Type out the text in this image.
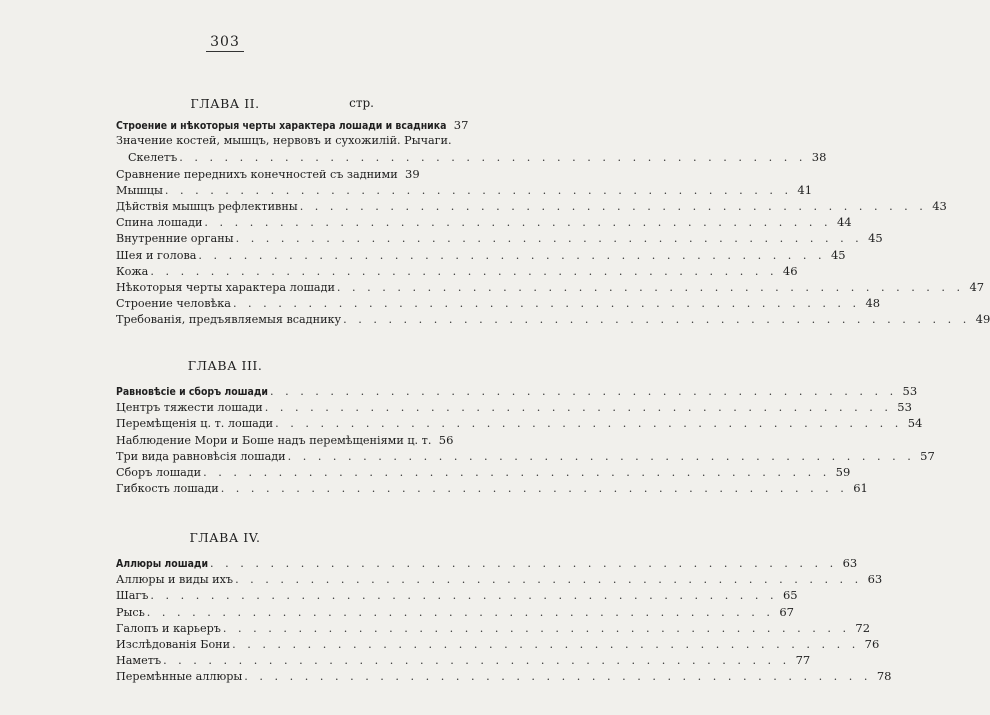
303
ГЛАВА II.	стр.
Строение и нѣкоторыя черты характера лошади и всадника 37
Значение костей, мышцъ, нервовъ и сухожилій. Рычаги.
Скелетъ . . .	38
Сравнение переднихъ конечностей съ задними 39
Мышцы . . .	41
Дѣйствія мышцъ рефлективны . . .	43
Спина лошади . . .	44
Внутренние органы . . .	45
Шея и голова . . .	45
Кожа . . .	46
Нѣкоторыя черты характера лошади . . .	47
Строение человѣка . . .	48
Требованія, предъявляемыя всаднику . . .	49
ГЛАВА III.
Равновѣсіе и сборъ лошади . . .	53
Центръ тяжести лошади . . .	53
Перемѣщенія ц. т. лошади . . .	54
Наблюдение Мори и Боше надъ перемѣщеніями ц. т. 56
Три вида равновѣсія лошади . . .	57
Сборъ лошади . . .	59
Гибкость лошади . . .	61
ГЛАВА IV.
Аллюры лошади . . .	63
Аллюры и виды ихъ . . .	63
Шагъ . . .	65
Рысь . . .	67
Галопъ и карьеръ . . .	72
Изслѣдованія Бони . . .	76
Наметъ . . .	77
Перемѣнные аллюры . . .	78
